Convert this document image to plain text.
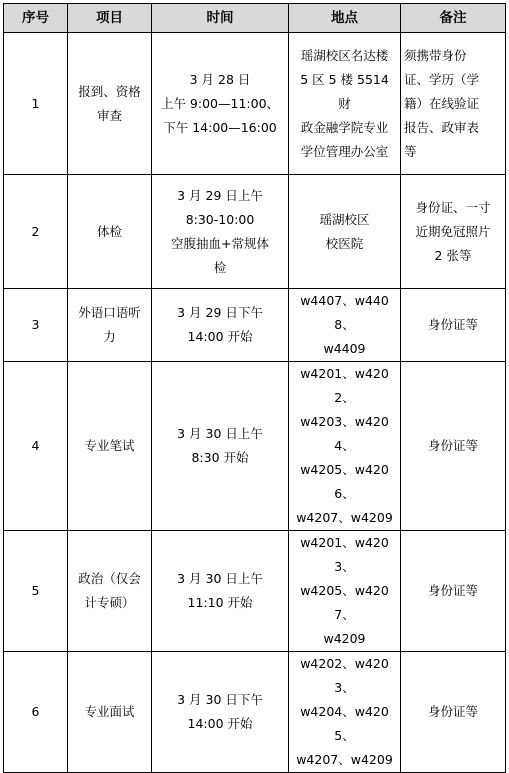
序号	项目	时间	地点	备注
1	报到、资格
审查	3 月 28 日
上午 9:00—11:00、
下午 14:00—16:00	瑶湖校区名达楼
5 区 5 楼 5514 财
政金融学院专业
学位管理办公室	须携带身份
证、学历（学
籍）在线验证
报告、政审表
等
2	体检	3 月 29 日上午
8:30-10:00
空腹抽血+常规体
检	瑶湖校区
校医院	身份证、一寸
近期免冠照片
2 张等
3	外语口语听
力	3 月 29 日下午
14:00 开始	w4407、w4408、
w4409	身份证等
4	专业笔试	3 月 30 日上午
8:30 开始	w4201、w4202、
w4203、w4204、
w4205、w4206、
w4207、w4209	身份证等
5	政治（仅会
计专硕）	3 月 30 日上午
11:10 开始	w4201、w4203、
w4205、w4207、
w4209	身份证等
6	专业面试	3 月 30 日下午
14:00 开始	w4202、w4203、
w4204、w4205、
w4207、w4209	身份证等
